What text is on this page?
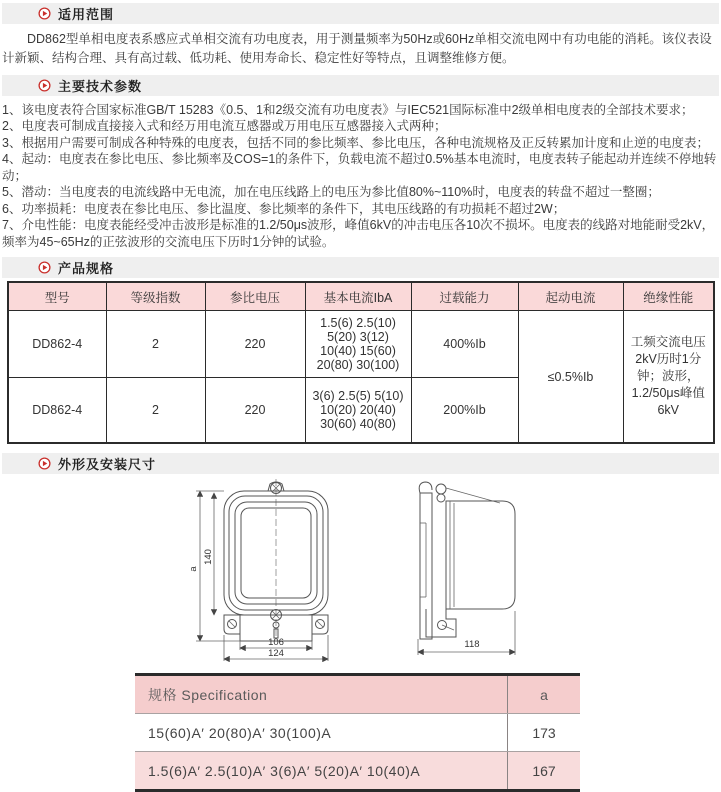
适用范围
DD862型单相电度表系感应式单相交流有功电度表，用于测量频率为50Hz或60Hz单相交流电网中有功电能的消耗。该仪表设计新颖、结构合理、具有高过载、低功耗、使用寿命长、稳定性好等特点，且调整维修方便。
主要技术参数
1、该电度表符合国家标准GB/T 15283《0.5、1和2级交流有功电度表》与IEC521国际标准中2级单相电度表的全部技术要求；
2、电度表可制成直接接入式和经万用电流互感器或万用电压互感器接入式两种；
3、根据用户需要可制成各种特殊的电度表，包括不同的参比频率、参比电压，各种电流规格及正反转累加计度和止逆的电度表；
4、起动：电度表在参比电压、参比频率及COS=1的条件下，负载电流不超过0.5%基本电流时，电度表转子能起动并连续不停地转动；
5、潜动：当电度表的电流线路中无电流，加在电压线路上的电压为参比值80%~110%时，电度表的转盘不超过一整圈；
6、功率损耗：电度表在参比电压、参比温度、参比频率的条件下，其电压线路的有功损耗不超过2W；
7、介电性能：电度表能经受冲击波形是标准的1.2/50μs波形，峰值6kV的冲击电压各10次不损坏。电度表的线路对地能耐受2kV，频率为45~65Hz的正弦波形的交流电压下历时1分钟的试验。
产品规格
型号	等级指数	参比电压	基本电流IbA	过载能力	起动电流	绝缘性能
DD862-4	2	220	1.5(6) 2.5(10) 5(20) 3(12) 10(40) 15(60) 20(80) 30(100)	400%Ib	≤0.5%Ib	工频交流电压2kV历时1分钟；波形，1.2/50μs峰值6kV
DD862-4	2	220	3(6) 2.5(5) 5(10) 10(20) 20(40) 30(60) 40(80)	200%Ib		
外形及安装尺寸
a
140
106
124
118
规格 Specification	a
15(60)A′ 20(80)A′ 30(100)A	173
1.5(6)A′ 2.5(10)A′ 3(6)A′ 5(20)A′ 10(40)A	167
